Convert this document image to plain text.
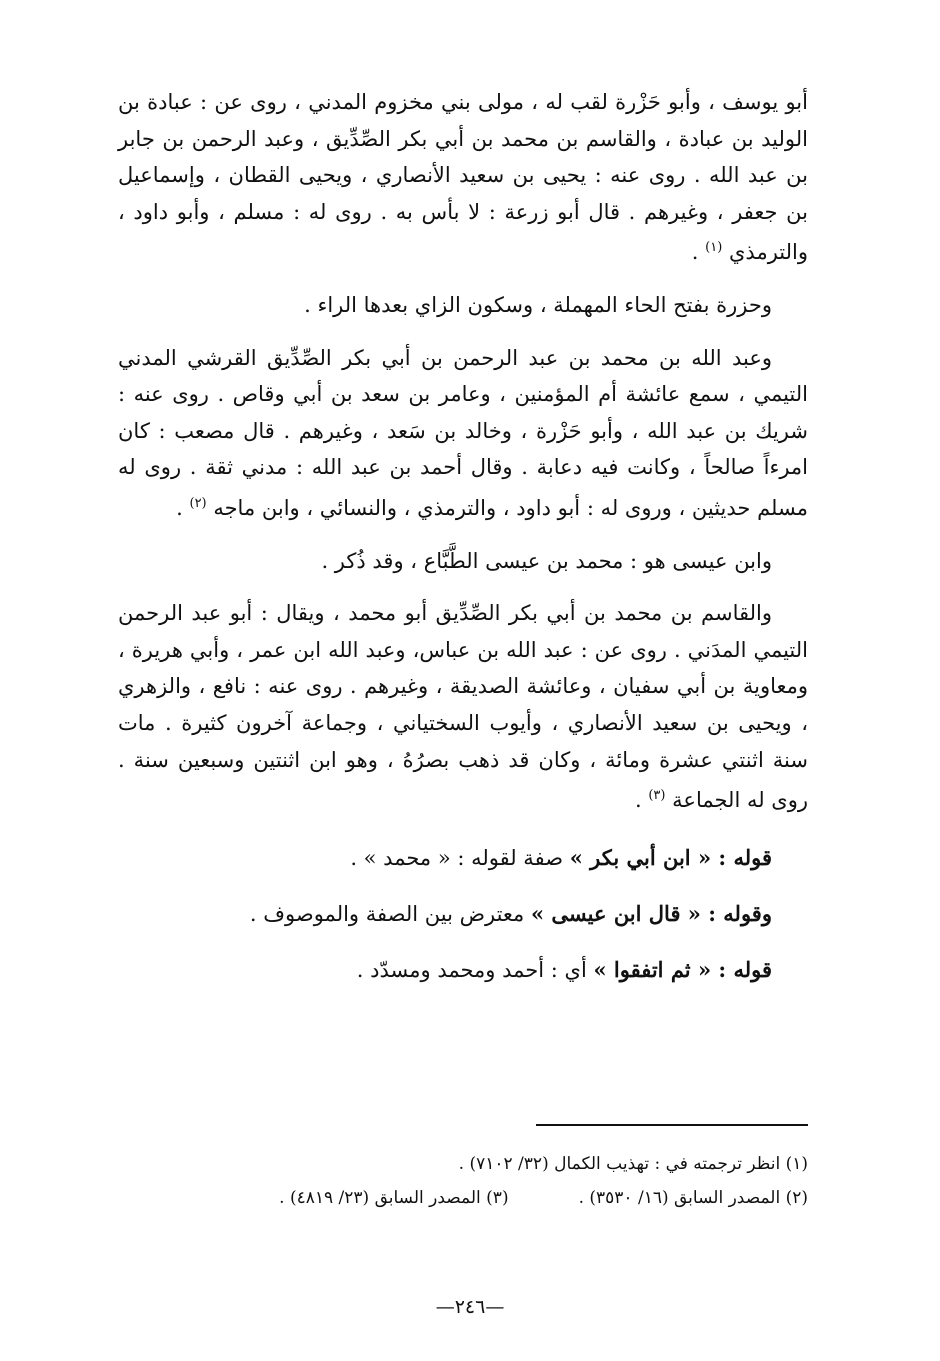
أبو يوسف ، وأبو حَزْرة لقب له ، مولى بني مخزوم المدني ، روى عن : عبادة بن الوليد بن عبادة ، والقاسم بن محمد بن أبي بكر الصِّدِّيق ، وعبد الرحمن بن جابر بن عبد الله . روى عنه : يحيى بن سعيد الأنصاري ، ويحيى القطان ، وإسماعيل بن جعفر ، وغيرهم . قال أبو زرعة : لا بأس به . روى له : مسلم ، وأبو داود ، والترمذي $^{(١)}$ .

وحزرة بفتح الحاء المهملة ، وسكون الزاي بعدها الراء .

وعبد الله بن محمد بن عبد الرحمن بن أبي بكر الصِّدِّيق القرشي المدني التيمي ، سمع عائشة أم المؤمنين ، وعامر بن سعد بن أبي وقاص . روى عنه : شريك بن عبد الله ، وأبو حَزْرة ، وخالد بن سَعد ، وغيرهم . قال مصعب : كان امرءاً صالحاً ، وكانت فيه دعابة . وقال أحمد بن عبد الله : مدني ثقة . روى له مسلم حديثين ، وروى له : أبو داود ، والترمذي ، والنسائي ، وابن ماجه $^{(٢)}$ .

وابن عيسى هو : محمد بن عيسى الطَّبَّاع ، وقد ذُكر .

والقاسم بن محمد بن أبي بكر الصِّدِّيق أبو محمد ، ويقال : أبو عبد الرحمن التيمي المدَني . روى عن : عبد الله بن عباس، وعبد الله ابن عمر ، وأبي هريرة ، ومعاوية بن أبي سفيان ، وعائشة الصديقة ، وغيرهم . روى عنه : نافع ، والزهري ، ويحيى بن سعيد الأنصاري ، وأيوب السختياني ، وجماعة آخرون كثيرة . مات سنة اثنتي عشرة ومائة ، وكان قد ذهب بصرُهُ ، وهو ابن اثنتين وسبعين سنة . روى له الجماعة $^{(٣)}$ .

قوله : « ابن أبي بكر » صفة لقوله : « محمد » .

وقوله : « قال ابن عيسى » معترض بين الصفة والموصوف .

قوله : « ثم اتفقوا » أي : أحمد ومحمد ومسدّد .

(١) انظر ترجمته في : تهذيب الكمال (٣٢/ ٧١٠٢) .
(٢) المصدر السابق (١٦/ ٣٥٣٠) .(٣) المصدر السابق (٢٣/ ٤٨١٩) .
—٢٤٦—
